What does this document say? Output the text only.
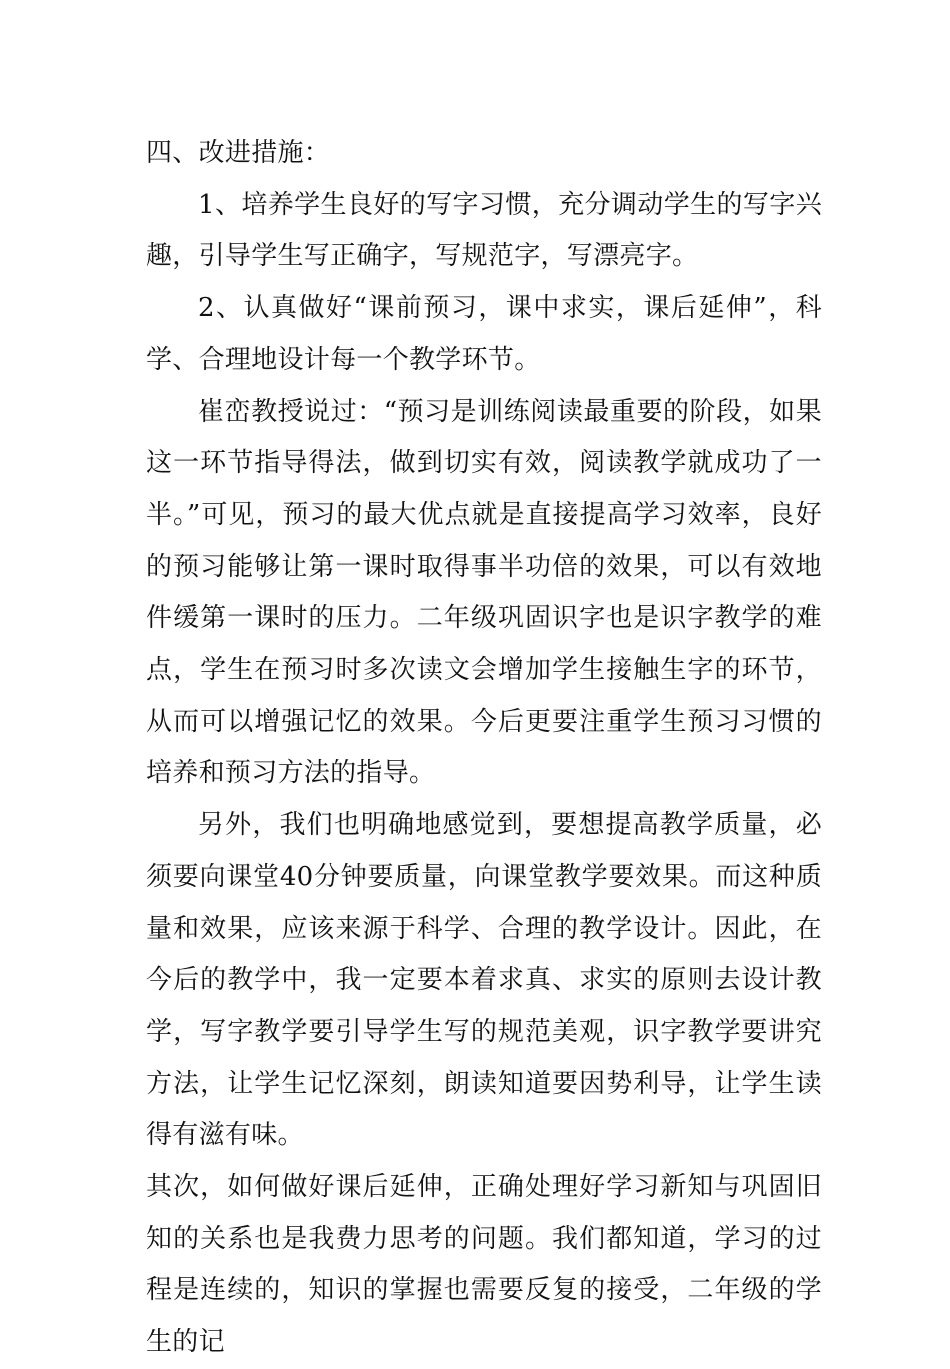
四、改进措施：

1、培养学生良好的写字习惯，充分调动学生的写字兴趣，引导学生写正确字，写规范字，写漂亮字。

2、认真做好“课前预习，课中求实，课后延伸”，科学、合理地设计每一个教学环节。

崔峦教授说过：“预习是训练阅读最重要的阶段，如果这一环节指导得法，做到切实有效，阅读教学就成功了一半。”可见，预习的最大优点就是直接提高学习效率，良好的预习能够让第一课时取得事半功倍的效果，可以有效地件缓第一课时的压力。二年级巩固识字也是识字教学的难点，学生在预习时多次读文会增加学生接触生字的环节，从而可以增强记忆的效果。今后更要注重学生预习习惯的培养和预习方法的指导。

另外，我们也明确地感觉到，要想提高教学质量，必须要向课堂40分钟要质量，向课堂教学要效果。而这种质量和效果，应该来源于科学、合理的教学设计。因此，在今后的教学中，我一定要本着求真、求实的原则去设计教学，写字教学要引导学生写的规范美观，识字教学要讲究方法，让学生记忆深刻，朗读知道要因势利导，让学生读得有滋有味。

其次，如何做好课后延伸，正确处理好学习新知与巩固旧知的关系也是我费力思考的问题。我们都知道，学习的过程是连续的，知识的掌握也需要反复的接受，二年级的学生的记
